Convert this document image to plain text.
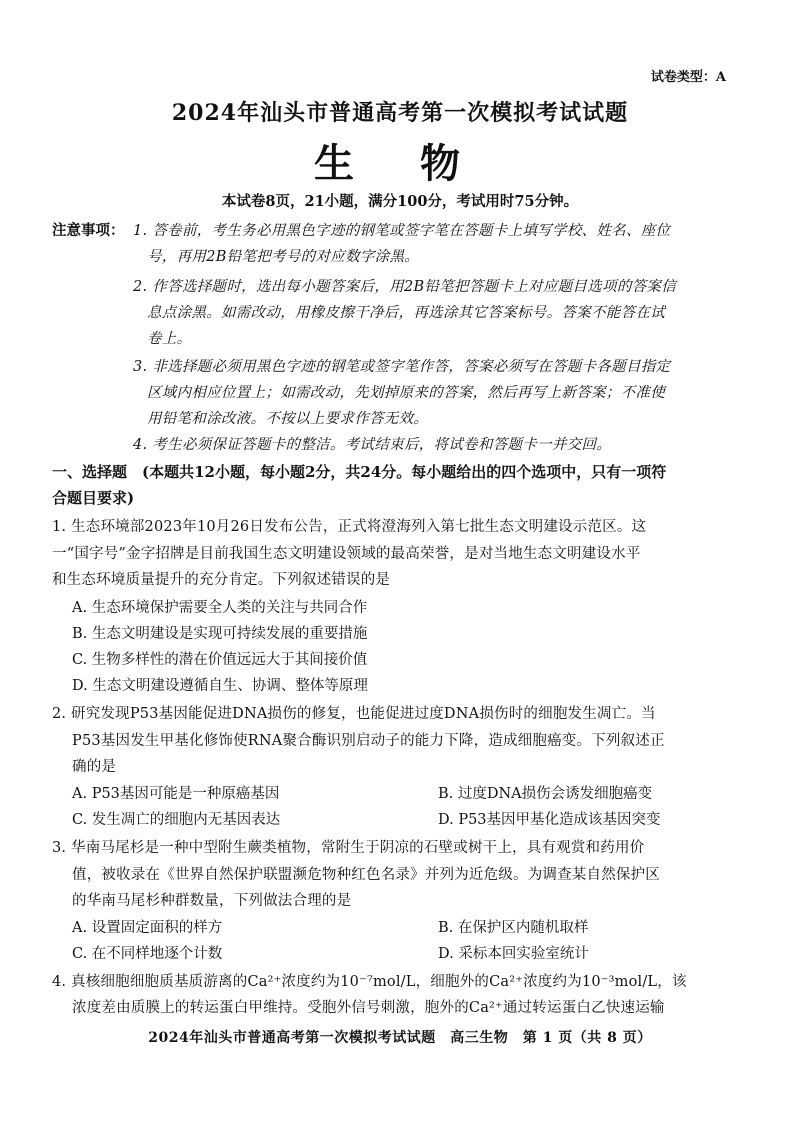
试卷类型：A
2024年汕头市普通高考第一次模拟考试试题
生 物
本试卷8页，21小题，满分100分，考试用时75分钟。
注意事项： 1. 答卷前，考生务必用黑色字迹的钢笔或签字笔在答题卡上填写学校、姓名、座位
号，再用2B铅笔把考号的对应数字涂黑。
2. 作答选择题时，选出每小题答案后，用2B铅笔把答题卡上对应题目选项的答案信
息点涂黑。如需改动，用橡皮擦干净后，再选涂其它答案标号。答案不能答在试
卷上。
3. 非选择题必须用黑色字迹的钢笔或签字笔作答，答案必须写在答题卡各题目指定
区域内相应位置上；如需改动，先划掉原来的答案，然后再写上新答案；不准使
用铅笔和涂改液。不按以上要求作答无效。
4. 考生必须保证答题卡的整洁。考试结束后，将试卷和答题卡一并交回。
一、选择题　(本题共12小题，每小题2分，共24分。每小题给出的四个选项中，只有一项符
合题目要求)
1. 生态环境部2023年10月26日发布公告，正式将澄海列入第七批生态文明建设示范区。这
一“国字号”金字招牌是目前我国生态文明建设领域的最高荣誉，是对当地生态文明建设水平
和生态环境质量提升的充分肯定。下列叙述错误的是
A. 生态环境保护需要全人类的关注与共同合作
B. 生态文明建设是实现可持续发展的重要措施
C. 生物多样性的潜在价值远远大于其间接价值
D. 生态文明建设遵循自生、协调、整体等原理
2. 研究发现P53基因能促进DNA损伤的修复，也能促进过度DNA损伤时的细胞发生凋亡。当
P53基因发生甲基化修饰使RNA聚合酶识别启动子的能力下降，造成细胞癌变。下列叙述正
确的是
A. P53基因可能是一种原癌基因	B. 过度DNA损伤会诱发细胞癌变
C. 发生凋亡的细胞内无基因表达	D. P53基因甲基化造成该基因突变
3. 华南马尾杉是一种中型附生蕨类植物，常附生于阴凉的石壁或树干上，具有观赏和药用价
值，被收录在《世界自然保护联盟濒危物种红色名录》并列为近危级。为调查某自然保护区
的华南马尾杉种群数量，下列做法合理的是
A. 设置固定面积的样方	B. 在保护区内随机取样
C. 在不同样地逐个计数	D. 采标本回实验室统计
4. 真核细胞细胞质基质游离的Ca²⁺浓度约为10⁻⁷mol/L，细胞外的Ca²⁺浓度约为10⁻³mol/L，该
浓度差由质膜上的转运蛋白甲维持。受胞外信号刺激，胞外的Ca²⁺通过转运蛋白乙快速运输
2024年汕头市普通高考第一次模拟考试试题　高三生物　第 1 页（共 8 页）
